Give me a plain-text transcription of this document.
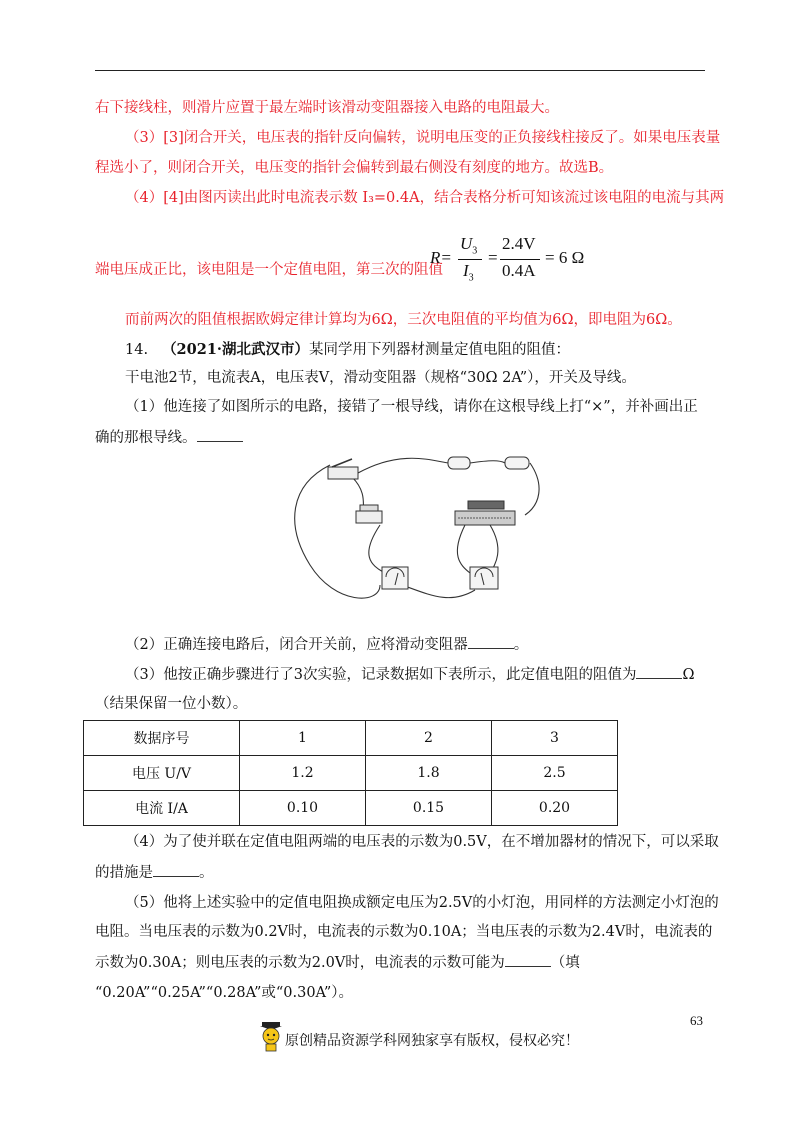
右下接线柱，则滑片应置于最左端时该滑动变阻器接入电路的电阻最大。
（3）[3]闭合开关，电压表的指针反向偏转，说明电压变的正负接线柱接反了。如果电压表量
程选小了，则闭合开关，电压变的指针会偏转到最右侧没有刻度的地方。故选B。
（4）[4]由图丙读出此时电流表示数 I₃=0.4A，结合表格分析可知该流过该电阻的电流与其两
端电压成正比，该电阻是一个定值电阻，第三次的阻值
R=
$U_3$
$I_3$
=
2.4V
0.4A
= 6 Ω
而前两次的阻值根据欧姆定律计算均为6Ω，三次电阻值的平均值为6Ω，即电阻为6Ω。
14. （2021·湖北武汉市）某同学用下列器材测量定值电阻的阻值：
干电池2节，电流表A，电压表V，滑动变阻器（规格“30Ω 2A”），开关及导线。
（1）他连接了如图所示的电路，接错了一根导线，请你在这根导线上打“×”，并补画出正
确的那根导线。
（2）正确连接电路后，闭合开关前，应将滑动变阻器	。
（3）他按正确步骤进行了3次实验，记录数据如下表所示，此定值电阻的阻值为	Ω
（结果保留一位小数）。
数据序号	1	2	3
电压 U/V	1.2	1.8	2.5
电流 I/A	0.10	0.15	0.20
（4）为了使并联在定值电阻两端的电压表的示数为0.5V，在不增加器材的情况下，可以采取
的措施是	。
（5）他将上述实验中的定值电阻换成额定电压为2.5V的小灯泡，用同样的方法测定小灯泡的
电阻。当电压表的示数为0.2V时，电流表的示数为0.10A；当电压表的示数为2.4V时，电流表的
示数为0.30A；则电压表的示数为2.0V时，电流表的示数可能为	（填
“0.20A”“0.25A”“0.28A”或“0.30A”）。
63
原创精品资源学科网独家享有版权，侵权必究！
